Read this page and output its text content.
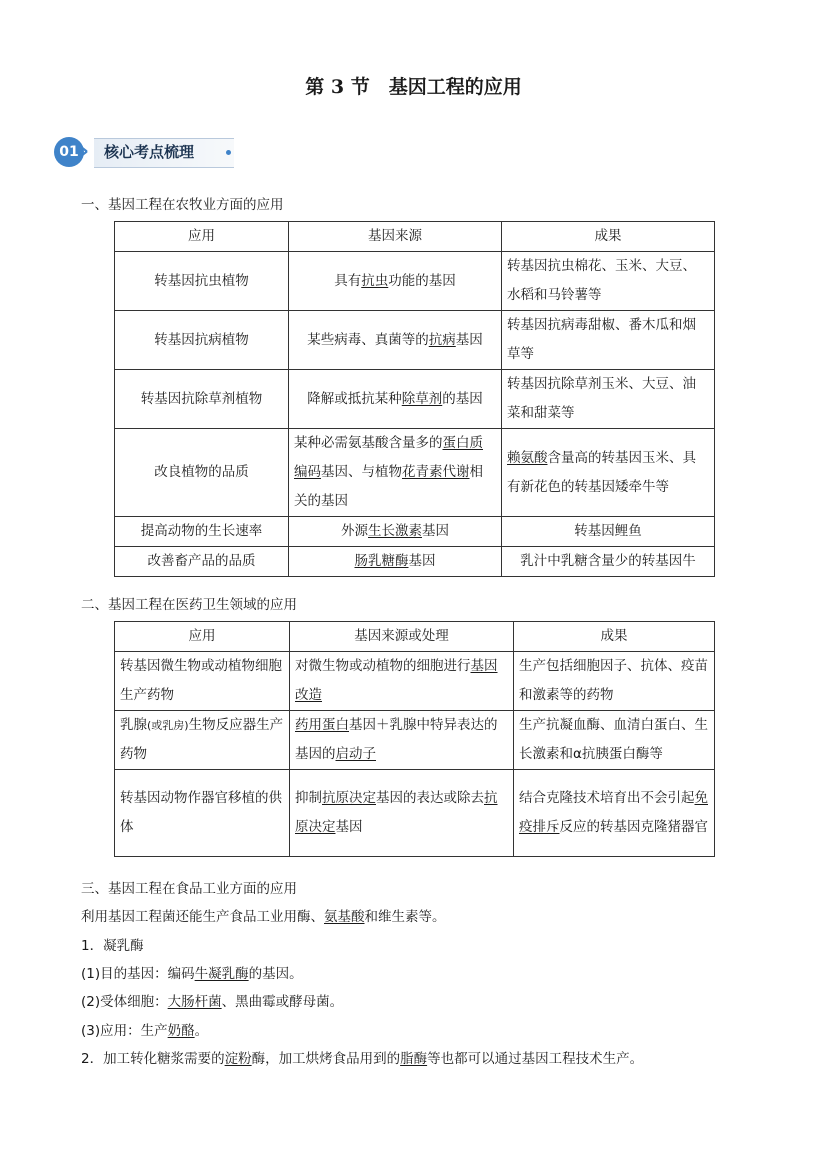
第 3 节　基因工程的应用
01 › 核心考点梳理
一、基因工程在农牧业方面的应用
应用	基因来源	成果
转基因抗虫植物	具有抗虫功能的基因	转基因抗虫棉花、玉米、大豆、水稻和马铃薯等
转基因抗病植物	某些病毒、真菌等的抗病基因	转基因抗病毒甜椒、番木瓜和烟草等
转基因抗除草剂植物	降解或抵抗某种除草剂的基因	转基因抗除草剂玉米、大豆、油菜和甜菜等
改良植物的品质	某种必需氨基酸含量多的蛋白质编码基因、与植物花青素代谢相关的基因	赖氨酸含量高的转基因玉米、具有新花色的转基因矮牵牛等
提高动物的生长速率	外源生长激素基因	转基因鲤鱼
改善畜产品的品质	肠乳糖酶基因	乳汁中乳糖含量少的转基因牛
二、基因工程在医药卫生领域的应用
应用	基因来源或处理	成果
转基因微生物或动植物细胞生产药物	对微生物或动植物的细胞进行基因改造	生产包括细胞因子、抗体、疫苗和激素等的药物
乳腺(或乳房)生物反应器生产药物	药用蛋白基因＋乳腺中特异表达的基因的启动子	生产抗凝血酶、血清白蛋白、生长激素和α抗胰蛋白酶等
转基因动物作器官移植的供体	抑制抗原决定基因的表达或除去抗原决定基因	结合克隆技术培育出不会引起免疫排斥反应的转基因克隆猪器官
三、基因工程在食品工业方面的应用
利用基因工程菌还能生产食品工业用酶、氨基酸和维生素等。
1．凝乳酶
(1)目的基因：编码牛凝乳酶的基因。
(2)受体细胞：大肠杆菌、黑曲霉或酵母菌。
(3)应用：生产奶酪。
2．加工转化糖浆需要的淀粉酶，加工烘烤食品用到的脂酶等也都可以通过基因工程技术生产。
